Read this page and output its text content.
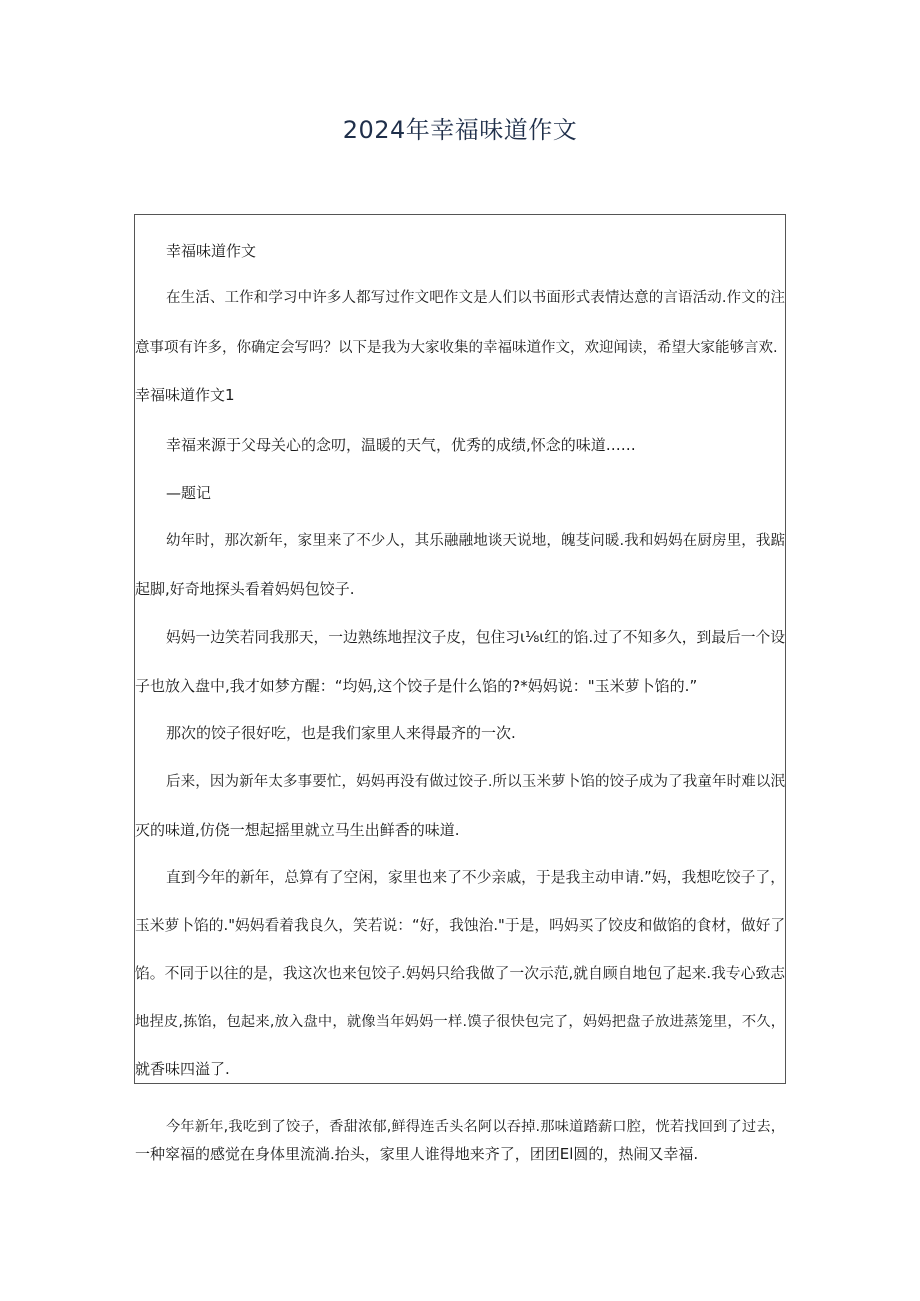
2024年幸福味道作文
幸福味道作文
在生活、工作和学习中许多人都写过作文吧作文是人们以书面形式表情达意的言语活动.作文的注
意事项有许多，你确定会写吗？以下是我为大家收集的幸福味道作文，欢迎闻读，希望大家能够言欢.
幸福味道作文1
幸福来源于父母关心的念叨，温暖的天气，优秀的成绩,怀念的味道……
—题记
幼年时，那次新年，家里来了不少人，其乐融融地谈天说地，魄芟问暖.我和妈妈在厨房里，我踮
起脚,好奇地探头看着妈妈包饺子.
妈妈一边笑若同我那天，一边熟练地捏汶子皮，包住习ι⅛ι红的馅.过了不知多久，到最后一个设
子也放入盘中,我才如梦方醒：“均妈,这个饺子是什么馅的?*妈妈说："玉米萝卜馅的.”
那次的饺子很好吃，也是我们家里人来得最齐的一次.
后来，因为新年太多事要忙，妈妈再没有做过饺子.所以玉米萝卜馅的饺子成为了我童年时难以泯
灭的味道,仿侥一想起摇里就立马生出鲜香的味道.
直到今年的新年，总算有了空闲，家里也来了不少亲戚，于是我主动申请.”妈，我想吃饺子了，
玉米萝卜馅的."妈妈看着我良久，笑若说：“好，我蚀治."于是，吗妈买了饺皮和做馅的食材，做好了
馅。不同于以往的是，我这次也来包饺子.妈妈只给我做了一次示范,就自顾自地包了起来.我专心致志
地捏皮,拣馅，包起来,放入盘中，就像当年妈妈一样.馍子很快包完了，妈妈把盘子放进蒸笼里，不久，
就香味四溢了.
今年新年,我吃到了饺子，香甜浓郁,鲜得连舌头名阿以吞掉.那味道踏薪口腔，恍若找回到了过去，
一种窣福的感觉在身体里流淌.抬头，家里人谁得地来齐了，团团El圆的，热闹又幸福.
